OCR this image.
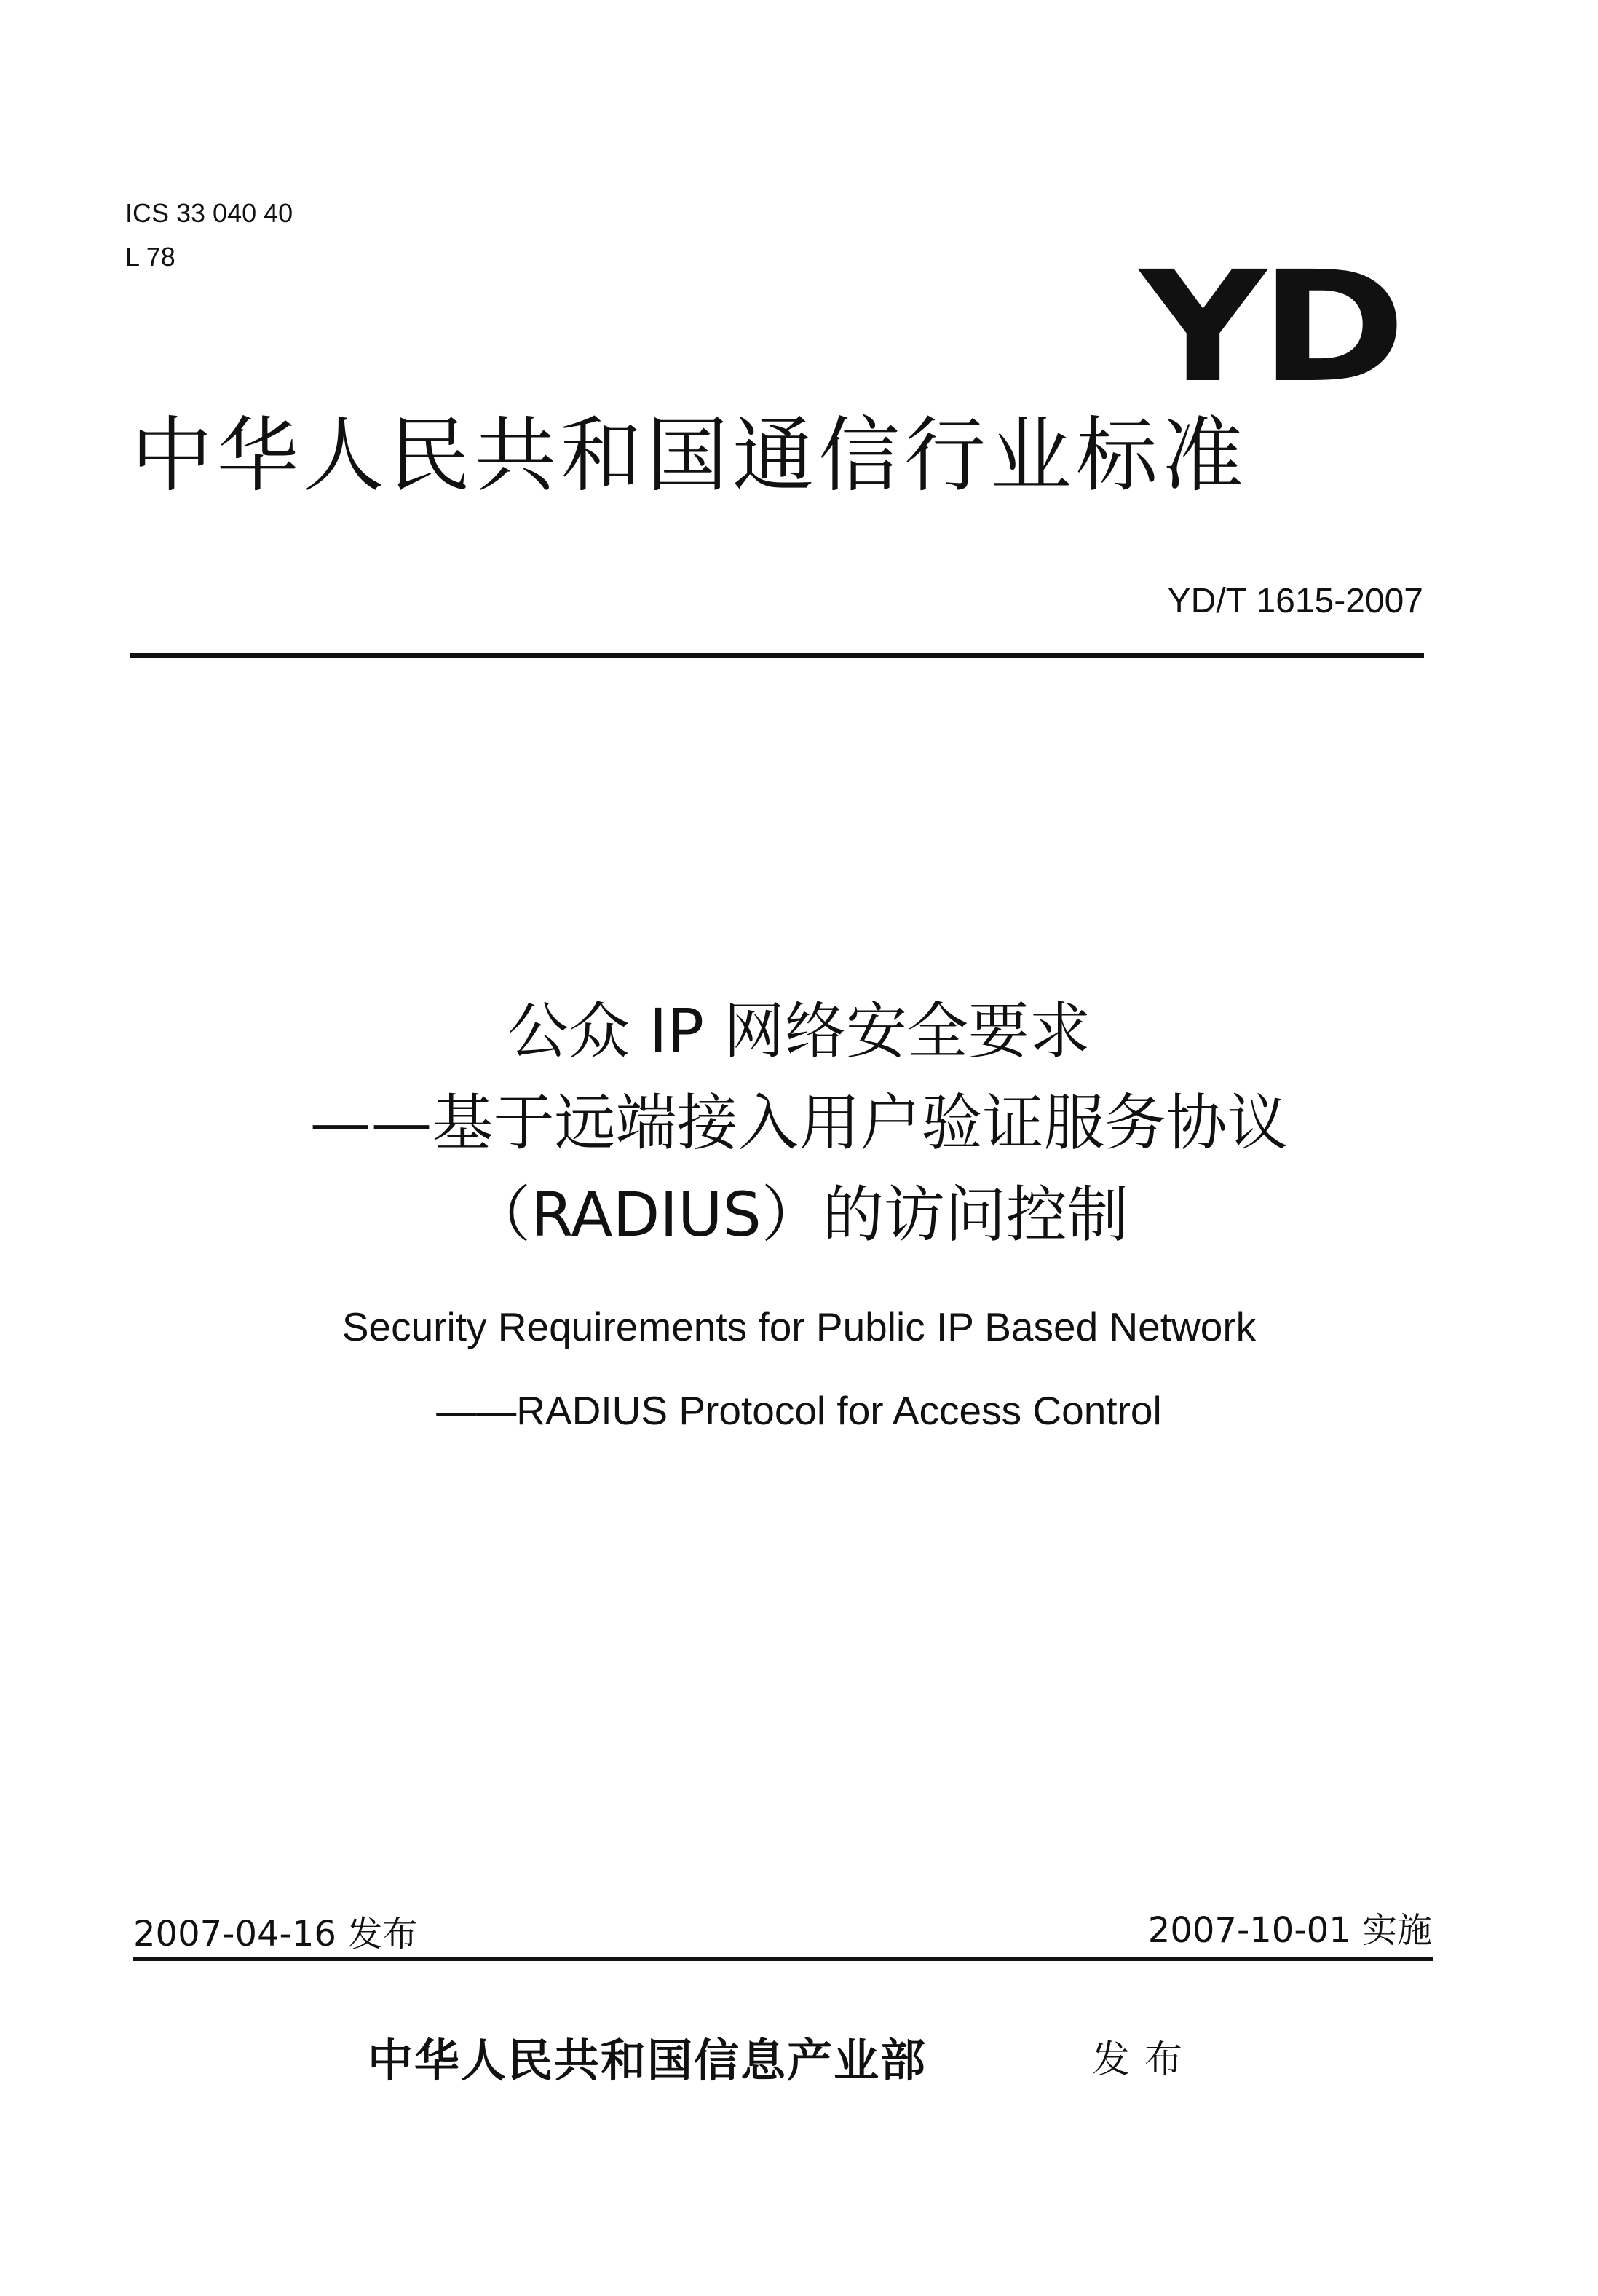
ICS 33 040 40
L 78	YD
中华人民共和国通信行业标准
YD/T 1615-2007
公众 IP 网络安全要求
——基于远端接入用户验证服务协议
（RADIUS）的访问控制
Security Requirements for Public IP Based Network
——RADIUS Protocol for Access Control
2007-04-16 发布	2007-10-01 实施
中华人民共和国信息产业部	发布
